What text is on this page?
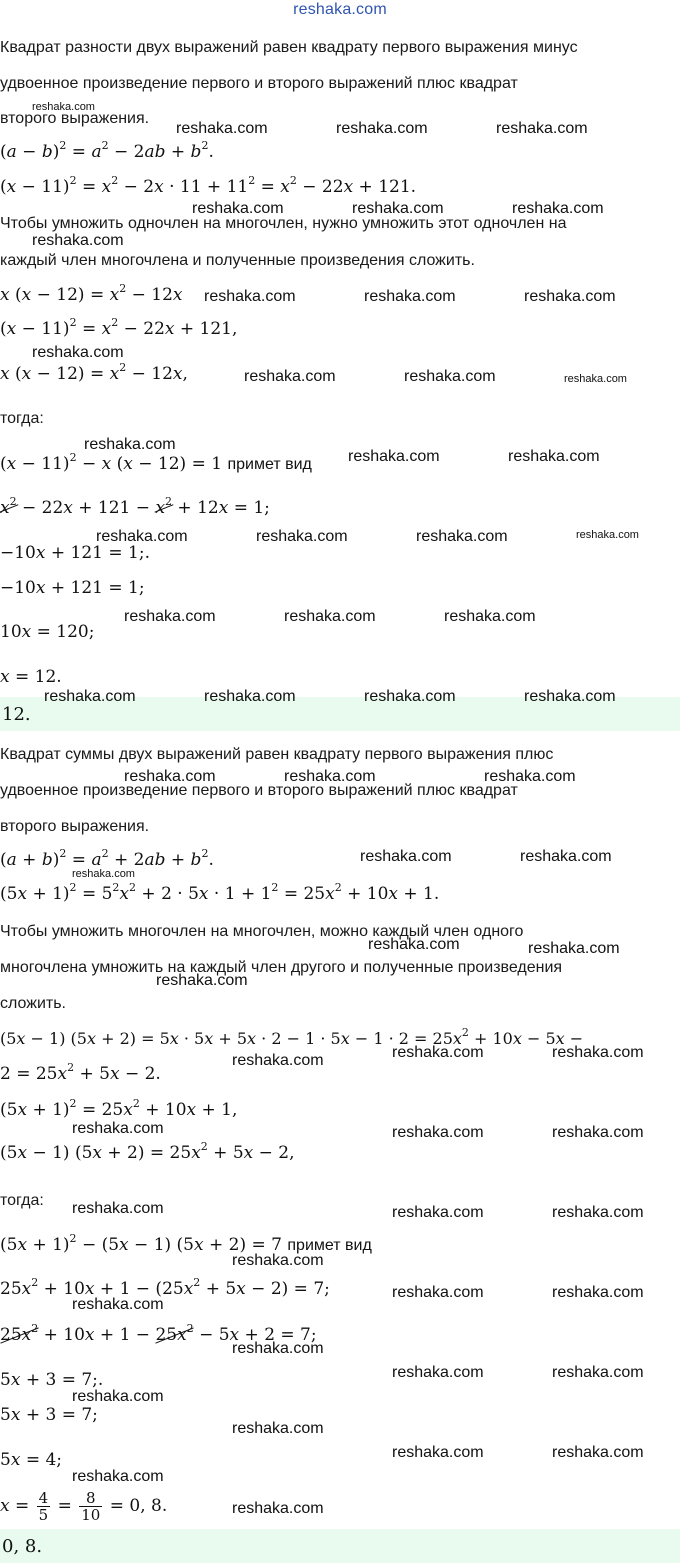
reshaka.com
Квадрат разности двух выражений равен квадрату первого выражения минус
удвоенное произведение первого и второго выражений плюс квадрат
второго выражения.
$(a - b)^2 = a^2 - 2ab + b^2$.
$(x - 11)^2 = x^2 - 2x \cdot 11 + 11^2 = x^2 - 22x + 121$.
Чтобы умножить одночлен на многочлен, нужно умножить этот одночлен на
каждый член многочлена и полученные произведения сложить.
x $(x - 12) = x^2 - 12x$
$(x - 11)^2 = x^2 - 22x + 121$,
x $(x - 12) = x^2 - 12x$,
тогда:
$(x - 11)^2 - x$ (x − 12) = 1 примет вид
$x^2 - 22x + 121 - x^2 + 12x = 1$;
−10x + 121 = 1;.
−10x + 121 = 1;
10x = 120;
x = 12.
12.
Квадрат суммы двух выражений равен квадрату первого выражения плюс
удвоенное произведение первого и второго выражений плюс квадрат
второго выражения.
$(a + b)^2 = a^2 + 2ab + b^2$.
$(5x + 1)^2 = 5^2x^2 + 2 \cdot 5x \cdot 1 + 1^2 = 25x^2 + 10x + 1$.
Чтобы умножить многочлен на многочлен, можно каждый член одного
многочлена умножить на каждый член другого и полученные произведения
сложить.
(5x − 1) $(5x + 2) = 5x \cdot 5x + 5x \cdot 2 - 1 \cdot 5x - 1 \cdot 2 = 25x^2 + 10x - 5x$ −
$2 = 25x^2 + 5x - 2$.
$(5x + 1)^2 = 25x^2 + 10x + 1$,
(5x − 1) $(5x + 2) = 25x^2 + 5x - 2$,
тогда:
$(5x + 1)^2 - (5x - 1)$ (5x + 2) = 7 примет вид
$25x^2 + 10x + 1 - (25x^2 + 5x - 2) = 7$;
$25x^2 + 10x + 1 - 25x^2 - 5x + 2 = 7$;
5x + 3 = 7;.
5x + 3 = 7;
5x = 4;
$x = \frac{4}{5} = \frac{8}{10} = 0$, 8.
0, 8.
reshaka.com
reshaka.com	reshaka.com	reshaka.com
reshaka.com	reshaka.com	reshaka.com
reshaka.com
reshaka.com	reshaka.com	reshaka.com
reshaka.com
reshaka.com	reshaka.com	reshaka.com
reshaka.com
reshaka.com	reshaka.com
reshaka.com	reshaka.com	reshaka.com	reshaka.com
reshaka.com	reshaka.com	reshaka.com
reshaka.com	reshaka.com	reshaka.com	reshaka.com
reshaka.com	reshaka.com	reshaka.com
reshaka.com	reshaka.com
reshaka.com
reshaka.com	reshaka.com
reshaka.com
reshaka.com	reshaka.com
reshaka.com
reshaka.com	reshaka.com	reshaka.com
reshaka.com	reshaka.com	reshaka.com
reshaka.com
reshaka.com	reshaka.com
reshaka.com
reshaka.com
reshaka.com	reshaka.com
reshaka.com
reshaka.com
reshaka.com	reshaka.com
reshaka.com
reshaka.com
